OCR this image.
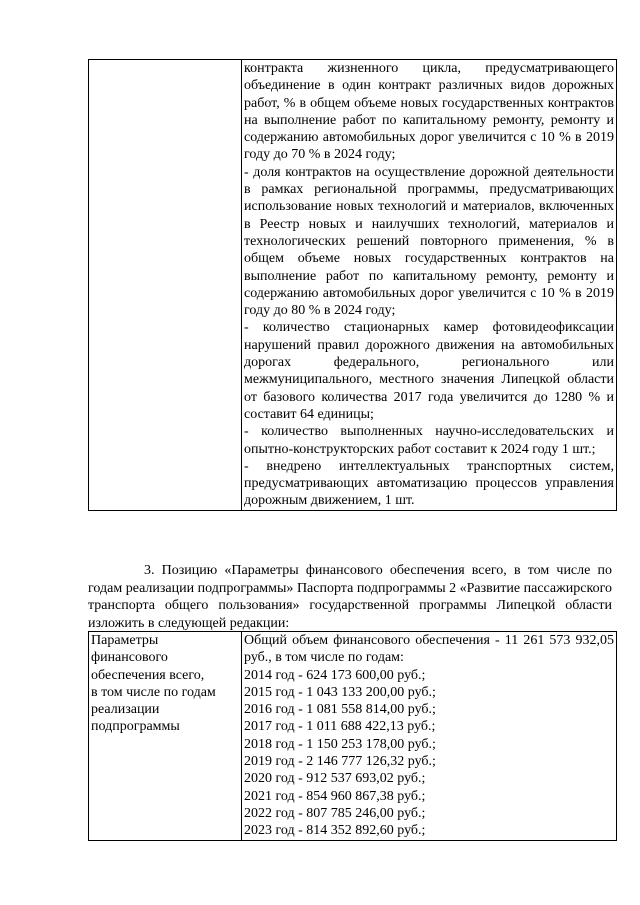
контракта жизненного цикла, предусматривающего объединение в один контракт различных видов дорожных работ, % в общем объеме новых государственных контрактов на выполнение работ по капитальному ремонту, ремонту и содержанию автомобильных дорог увеличится с 10 % в 2019 году до 70 % в 2024 году;
- доля контрактов на осуществление дорожной деятельности в рамках региональной программы, предусматривающих использование новых технологий и материалов, включенных в Реестр новых и наилучших технологий, материалов и технологических решений повторного применения, % в общем объеме новых государственных контрактов на выполнение работ по капитальному ремонту, ремонту и содержанию автомобильных дорог увеличится с 10 % в 2019 году до 80 % в 2024 году;
- количество стационарных камер фотовидеофиксации нарушений правил дорожного движения на автомобильных дорогах федерального, регионального или межмуниципального, местного значения Липецкой области от базового количества 2017 года увеличится до 1280 % и составит 64 единицы;
- количество выполненных научно-исследовательских и опытно-конструкторских работ составит к 2024 году 1 шт.;
- внедрено интеллектуальных транспортных систем, предусматривающих автоматизацию процессов управления дорожным движением, 1 шт.

3. Позицию «Параметры финансового обеспечения всего, в том числе по годам реализации подпрограммы» Паспорта подпрограммы 2 «Развитие пассажирского транспорта общего пользования» государственной программы Липецкой области изложить в следующей редакции:

Параметры
финансового
обеспечения всего,
в том числе по годам
реализации
подпрограммы

Общий объем финансового обеспечения - 11 261 573 932,05 руб., в том числе по годам:
2014 год - 624 173 600,00 руб.;
2015 год - 1 043 133 200,00 руб.;
2016 год - 1 081 558 814,00 руб.;
2017 год - 1 011 688 422,13 руб.;
2018 год - 1 150 253 178,00 руб.;
2019 год - 2 146 777 126,32 руб.;
2020 год - 912 537 693,02 руб.;
2021 год - 854 960 867,38 руб.;
2022 год - 807 785 246,00 руб.;
2023 год - 814 352 892,60 руб.;
